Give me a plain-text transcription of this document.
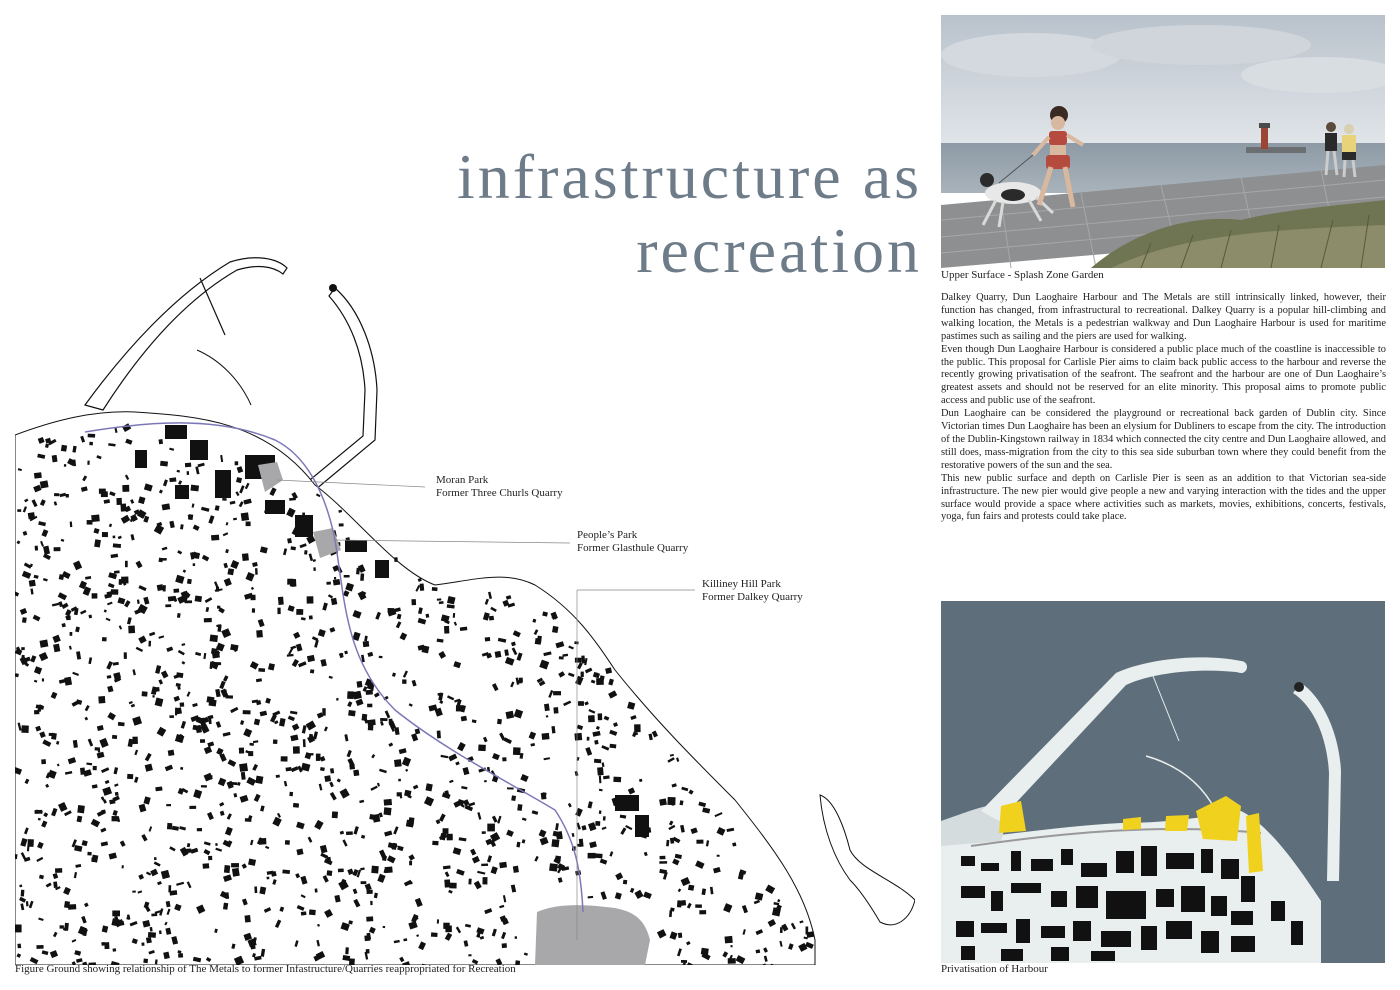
infrastructure as
recreation Upper Surface - Splash Zone Garden

Dalkey Quarry, Dun Laoghaire Harbour and The Metals are still intrinsically linked, however, their function has changed, from infrastructural to recreational. Dalkey Quarry is a popular hill-climbing and walking location, the Metals is a pedestrian walkway and Dun Laoghaire Harbour is used for maritime pastimes such as sailing and the piers are used for walking.

Even though Dun Laoghaire Harbour is considered a public place much of the coastline is inaccessible to the public. This proposal for Carlisle Pier aims to claim back public access to the harbour and reverse the recently growing privatisation of the seafront. The seafront and the harbour are one of Dun Laoghaire’s greatest assets and should not be reserved for an elite minority. This proposal aims to promote public access and public use of the seafront.

Dun Laoghaire can be considered the playground or recreational back garden of Dublin city. Since Victorian times Dun Laoghaire has been an elysium for Dubliners to escape from the city. The introduction of the Dublin-Kingstown railway in 1834 which connected the city centre and Dun Laoghaire allowed, and still does, mass-migration from the city to this sea side suburban town where they could benefit from the restorative powers of the sun and the sea.

This new public surface and depth on Carlisle Pier is seen as an addition to that Victorian sea-side infrastructure. The new pier would give people a new and varying interaction with the tides and the upper surface would provide a space where activities such as markets, movies, exhibitions, concerts, festivals, yoga, fun fairs and protests could take place.

Privatisation of Harbour
Moran Park
Former Three Churls Quarry
People’s Park
Former Glasthule Quarry
Killiney Hill Park
Former Dalkey Quarry
Figure Ground showing relationship of The Metals to former Infastructure/Quarries reappropriated for Recreation
